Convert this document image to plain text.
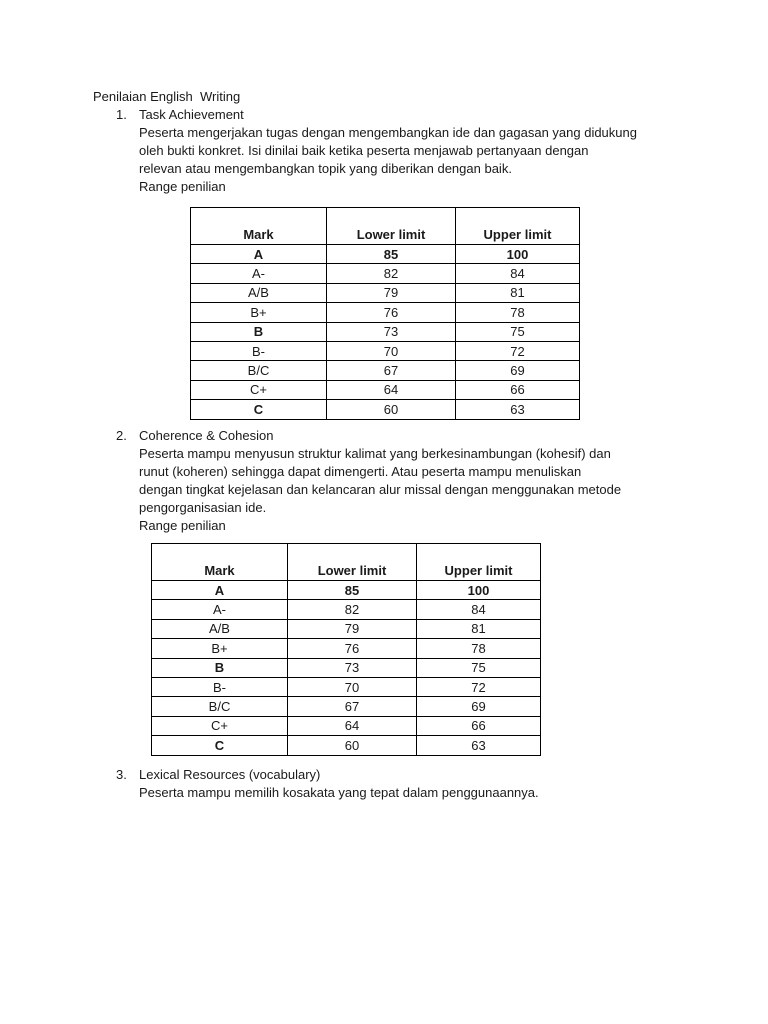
Penilaian English  Writing
1. Task Achievement
Peserta mengerjakan tugas dengan mengembangkan ide dan gagasan yang didukung
oleh bukti konkret. Isi dinilai baik ketika peserta menjawab pertanyaan dengan
relevan atau mengembangkan topik yang diberikan dengan baik.
Range penilian
Mark	Lower limit	Upper limit
A	85	100
A-	82	84
A/B	79	81
B+	76	78
B	73	75
B-	70	72
B/C	67	69
C+	64	66
C	60	63
2. Coherence & Cohesion
Peserta mampu menyusun struktur kalimat yang berkesinambungan (kohesif) dan
runut (koheren) sehingga dapat dimengerti. Atau peserta mampu menuliskan
dengan tingkat kejelasan dan kelancaran alur missal dengan menggunakan metode
pengorganisasian ide.
Range penilian
Mark	Lower limit	Upper limit
A	85	100
A-	82	84
A/B	79	81
B+	76	78
B	73	75
B-	70	72
B/C	67	69
C+	64	66
C	60	63
3. Lexical Resources (vocabulary)
Peserta mampu memilih kosakata yang tepat dalam penggunaannya.
